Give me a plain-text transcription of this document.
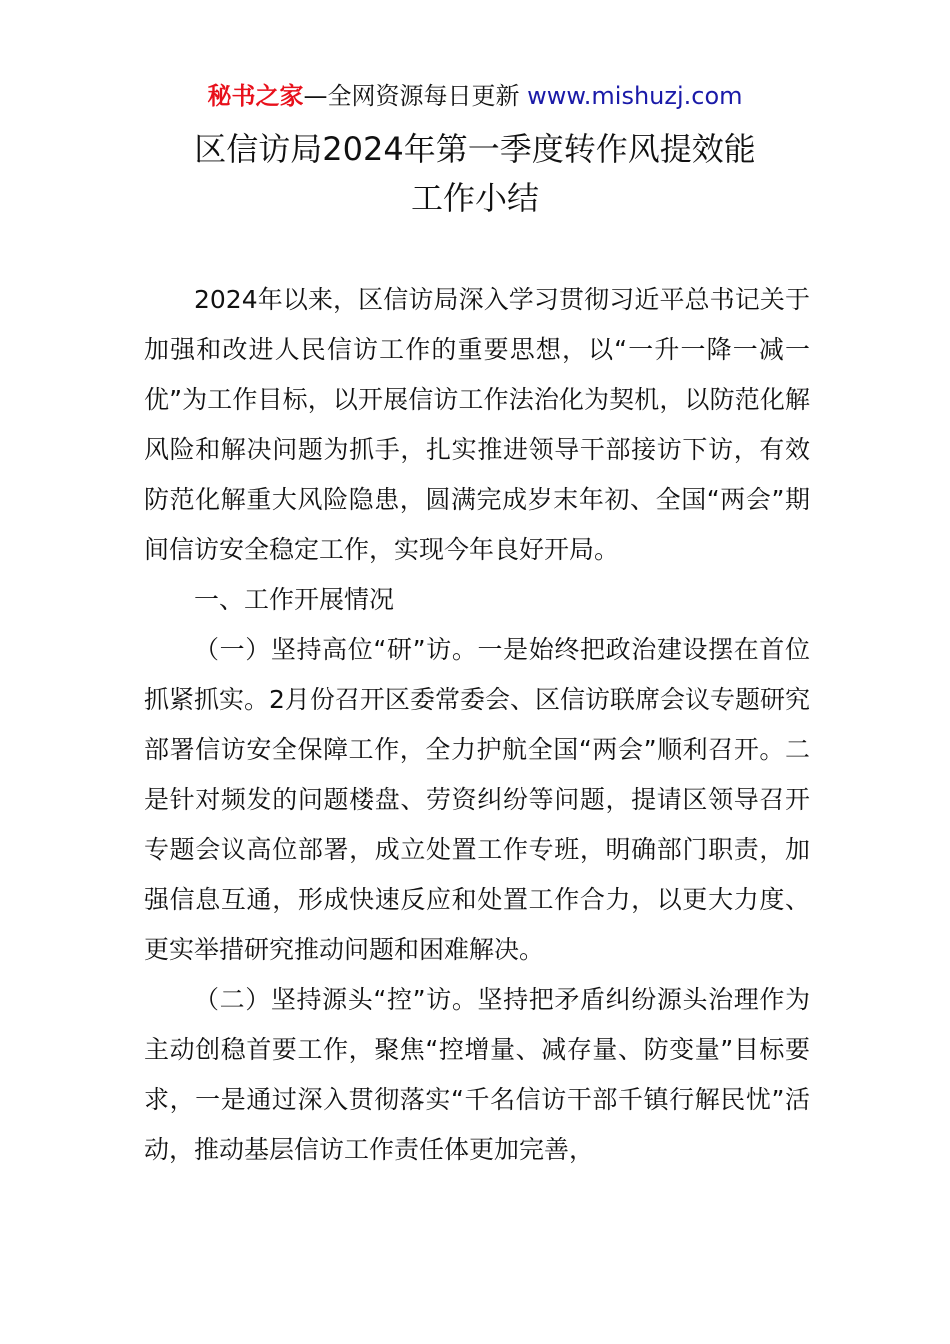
秘书之家—全网资源每日更新 www.mishuzj.com
区信访局2024年第一季度转作风提效能
工作小结

2024年以来，区信访局深入学习贯彻习近平总书记关于加强和改进人民信访工作的重要思想，以“一升一降一减一优”为工作目标，以开展信访工作法治化为契机，以防范化解风险和解决问题为抓手，扎实推进领导干部接访下访，有效防范化解重大风险隐患，圆满完成岁末年初、全国“两会”期间信访安全稳定工作，实现今年良好开局。

一、工作开展情况

（一）坚持高位“研”访。一是始终把政治建设摆在首位抓紧抓实。2月份召开区委常委会、区信访联席会议专题研究部署信访安全保障工作，全力护航全国“两会”顺利召开。二是针对频发的问题楼盘、劳资纠纷等问题，提请区领导召开专题会议高位部署，成立处置工作专班，明确部门职责，加强信息互通，形成快速反应和处置工作合力，以更大力度、更实举措研究推动问题和困难解决。

（二）坚持源头“控”访。坚持把矛盾纠纷源头治理作为主动创稳首要工作，聚焦“控增量、减存量、防变量”目标要求，一是通过深入贯彻落实“千名信访干部千镇行解民忧”活动，推动基层信访工作责任体更加完善，
